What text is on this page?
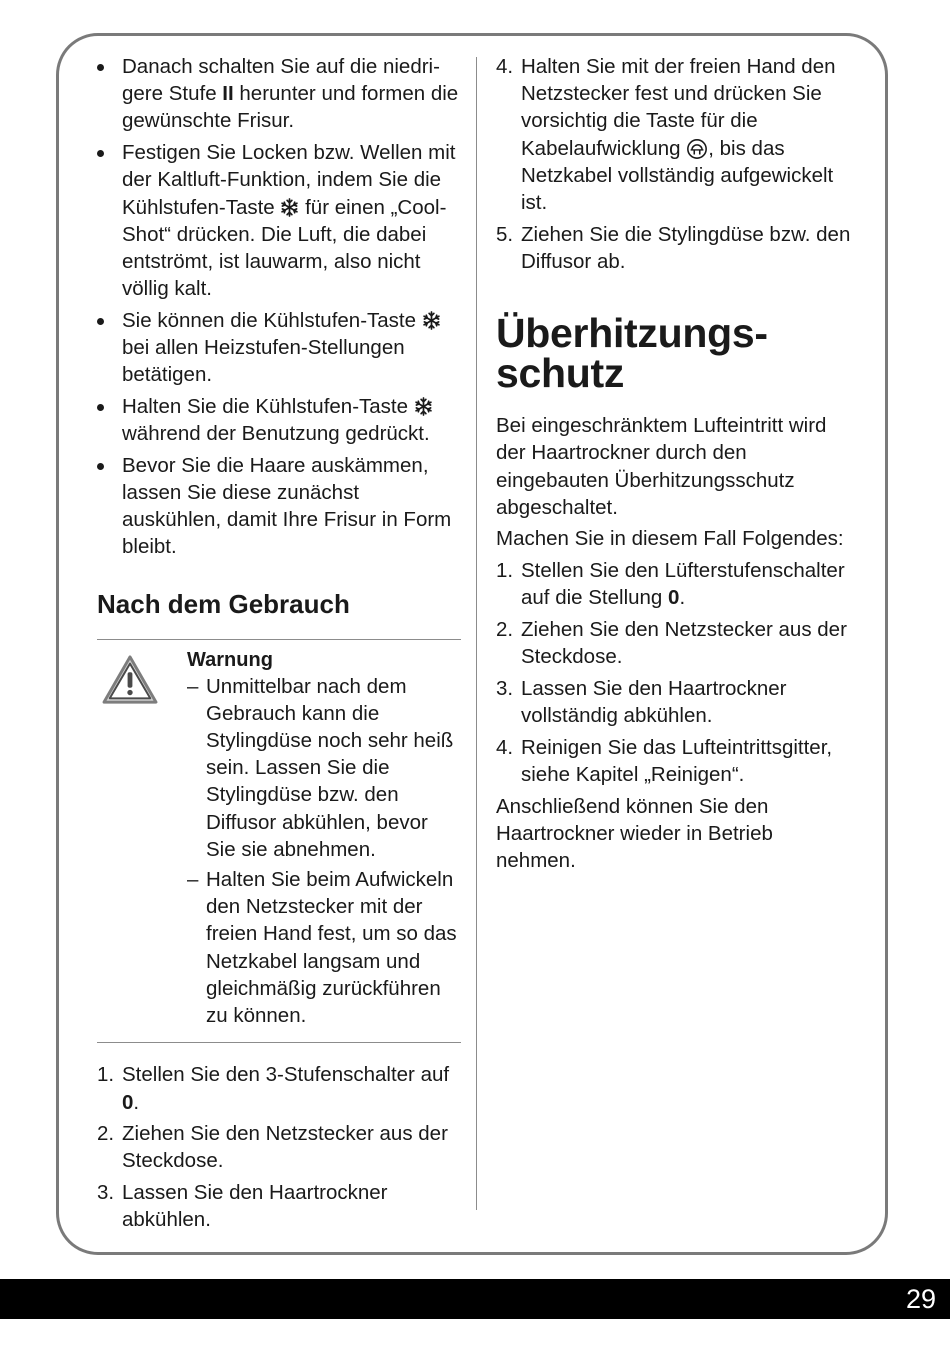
Danach schalten Sie auf die niedrigere Stufe II herunter und formen die gewünschte Frisur.
Festigen Sie Locken bzw. Wellen mit der Kaltluft-Funktion, indem Sie die Kühlstufen-Taste  für einen „Cool-Shot“ drücken. Die Luft, die dabei entströmt, ist lauwarm, also nicht völlig kalt.
Sie können die Kühlstufen-Taste  bei allen Heizstufen-Stellungen betätigen.
Halten Sie die Kühlstufen-Taste  während der Benutzung gedrückt.
Bevor Sie die Haare auskämmen, lassen Sie diese zunächst auskühlen, damit Ihre Frisur in Form bleibt.
Nach dem Gebrauch
Warnung
– Unmittelbar nach dem Gebrauch kann die Stylingdüse noch sehr heiß sein. Lassen Sie die Stylingdüse bzw. den Diffusor abkühlen, bevor Sie sie abnehmen.
– Halten Sie beim Aufwickeln den Netzstecker mit der freien Hand fest, um so das Netzkabel langsam und gleichmäßig zurückführen zu können.
1. Stellen Sie den 3-Stufenschalter auf 0.
2. Ziehen Sie den Netzstecker aus der Steckdose.
3. Lassen Sie den Haartrockner abkühlen.
4. Halten Sie mit der freien Hand den Netzstecker fest und drücken Sie vorsichtig die Taste für die Kabelaufwicklung , bis das Netzkabel vollständig aufgewickelt ist.
5. Ziehen Sie die Stylingdüse bzw. den Diffusor ab.
Überhitzungs-
schutz

Bei eingeschränktem Lufteintritt wird der Haartrockner durch den eingebauten Überhitzungsschutz abgeschaltet.

Machen Sie in diesem Fall Folgendes:

1. Stellen Sie den Lüfterstufenschalter auf die Stellung 0.
2. Ziehen Sie den Netzstecker aus der Steckdose.
3. Lassen Sie den Haartrockner vollständig abkühlen.
4. Reinigen Sie das Lufteintrittsgitter, siehe Kapitel „Reinigen“.

Anschließend können Sie den Haartrockner wieder in Betrieb nehmen.

29
